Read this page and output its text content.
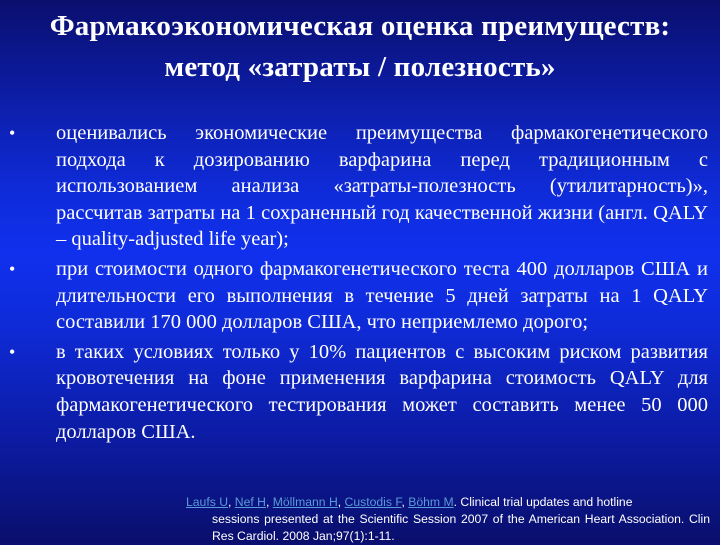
Фармакоэкономическая оценка преимуществ:
метод «затраты / полезность»
• оценивались экономические преимущества фармакогенетического подхода к дозированию варфарина перед традиционным с использованием анализа «затраты-полезность (утилитарность)», рассчитав затраты на 1 сохраненный год качественной жизни (англ. QALY – quality-adjusted life year);
• при стоимости одного фармакогенетического теста 400 долларов США и длительности его выполнения в течение 5 дней затраты на 1 QALY составили 170 000 долларов США, что неприемлемо дорого;
• в таких условиях только у 10% пациентов с высоким риском развития кровотечения на фоне применения варфарина стоимость QALY для фармакогенетического тестирования может составить менее 50 000 долларов США.
Laufs U, Nef H, Möllmann H, Custodis F, Böhm M. Clinical trial updates and hotline
sessions presented at the Scientific Session 2007 of the American Heart Association. Clin Res Cardiol. 2008 Jan;97(1):1-11.
